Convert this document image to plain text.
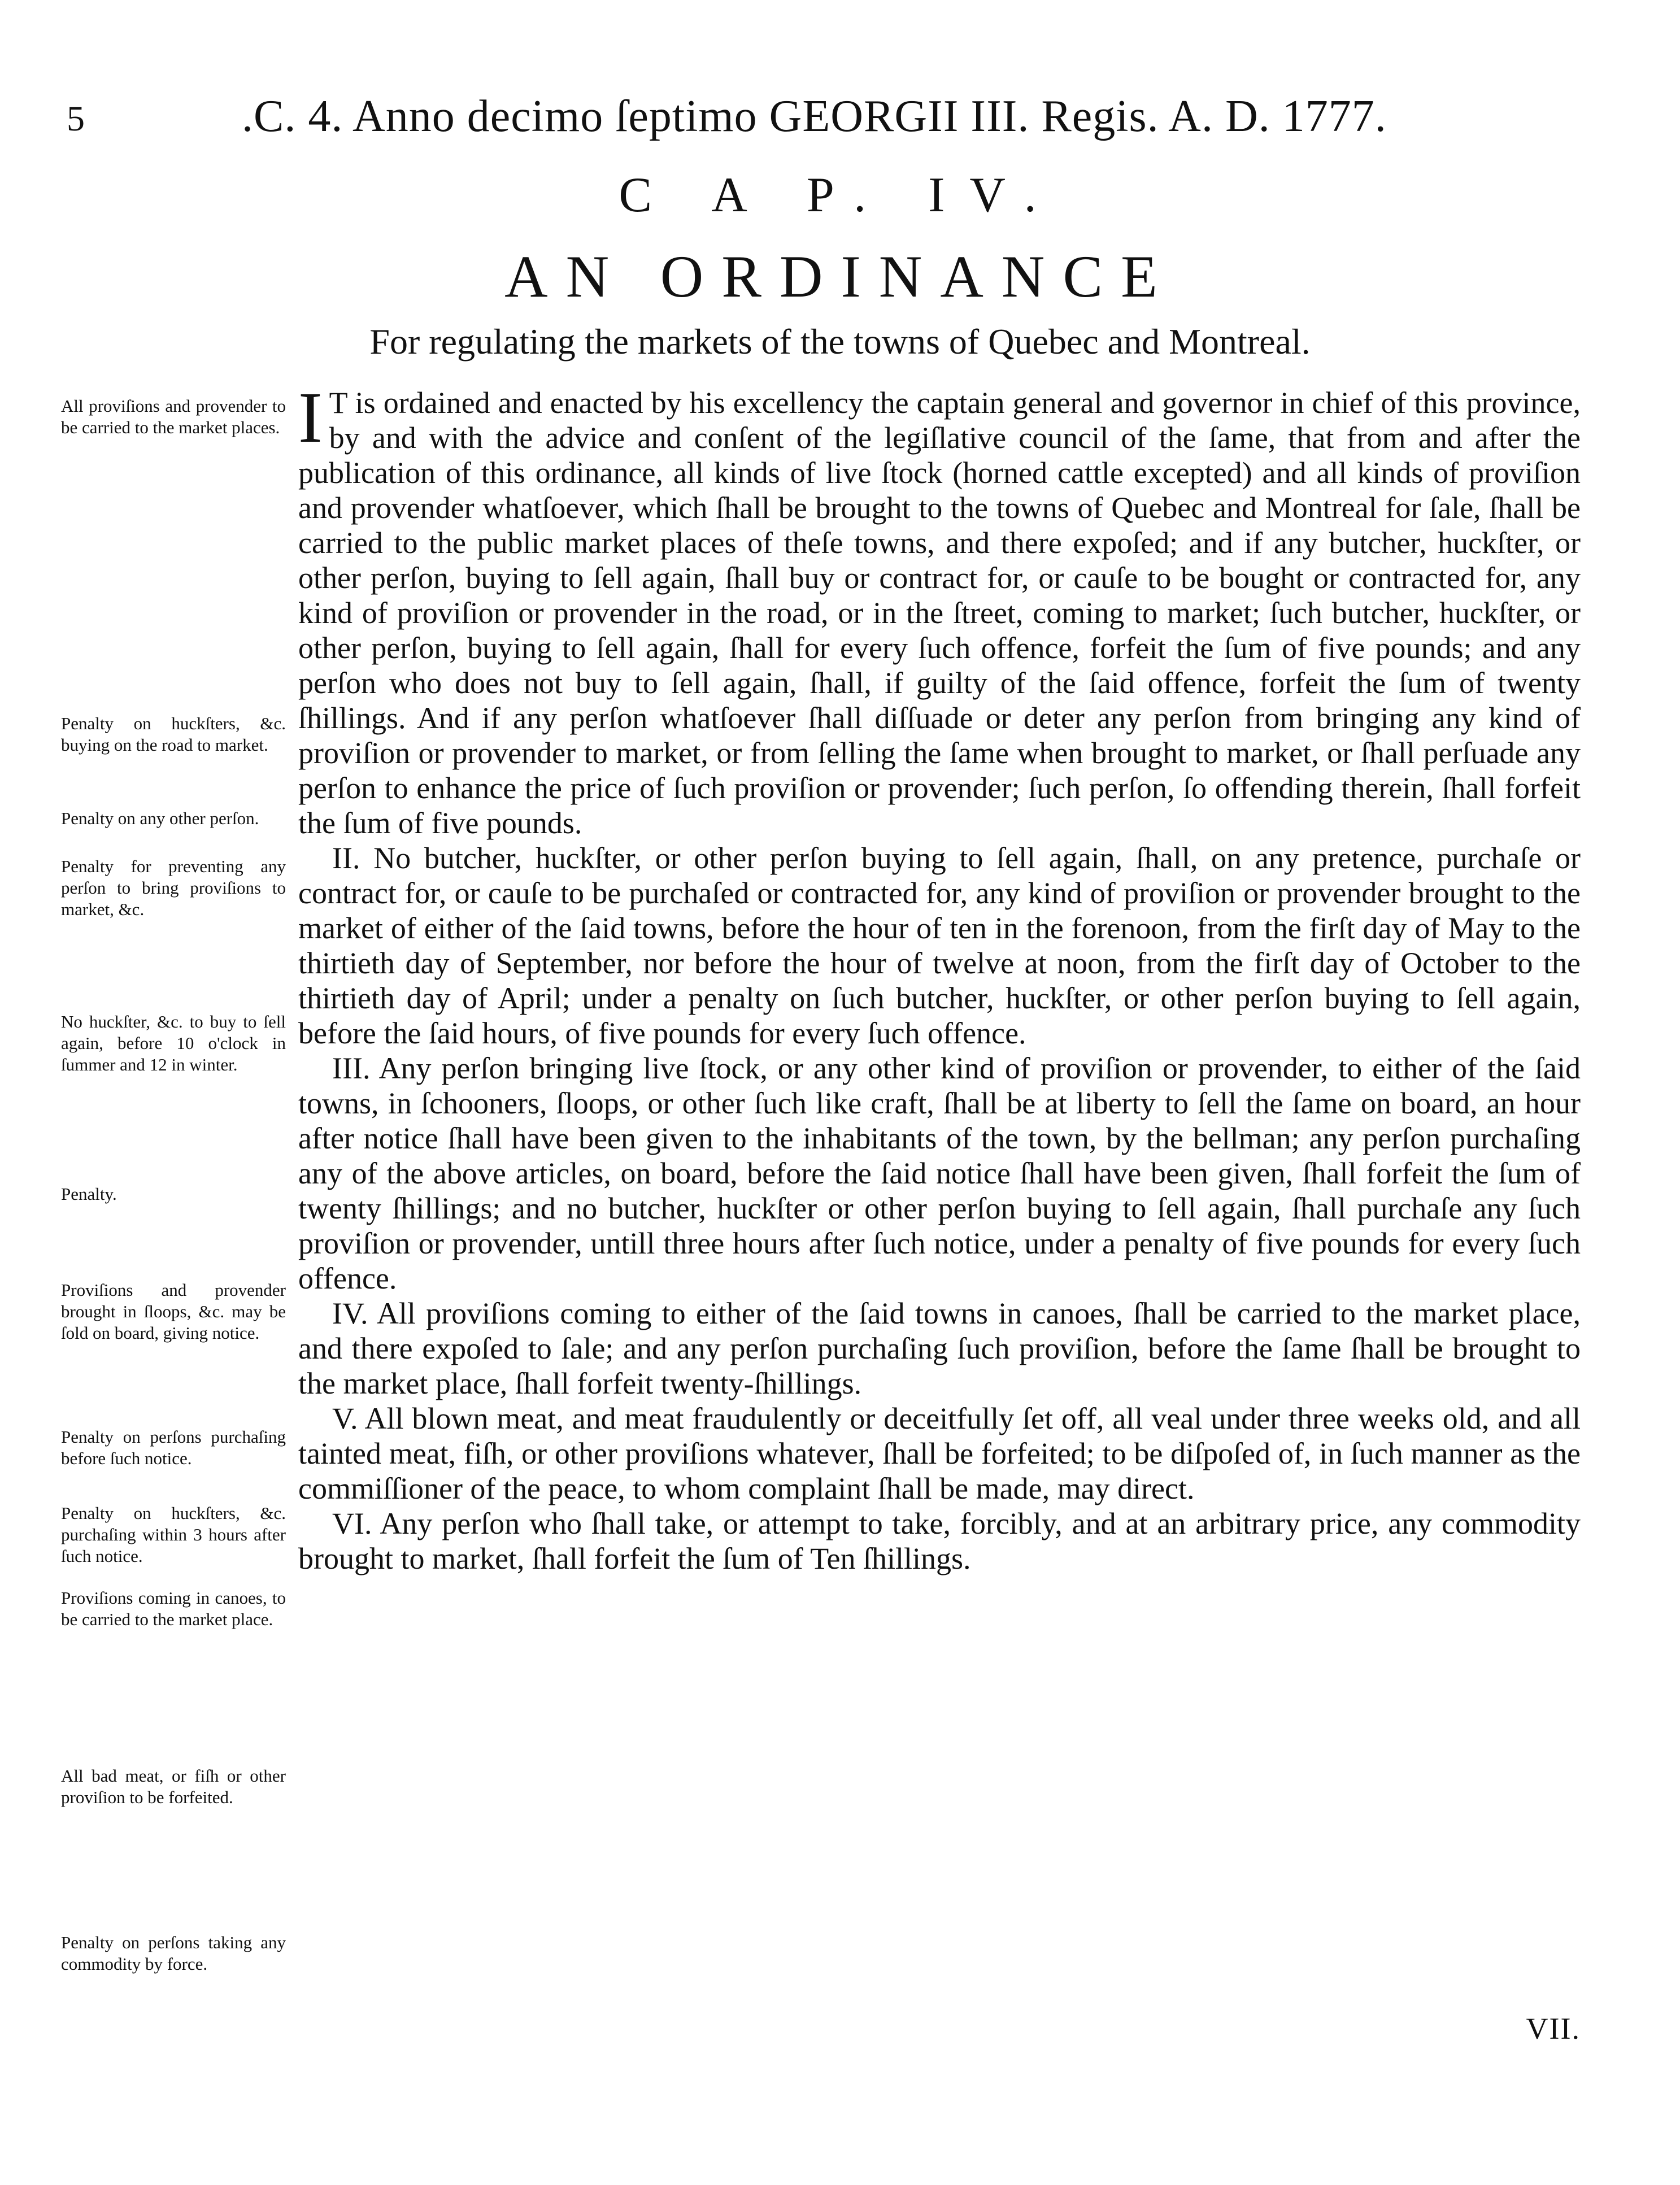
5	.C. 4. Anno decimo ſeptimo GEORGII III. Regis. A. D. 1777.
C A P. IV.
AN ORDINANCE
For regulating the markets of the towns of Quebec and Montreal.
All proviſions and provender to be carried to the market places.
Penalty on huckſters, &c. buying on the road to market.
Penalty on any other perſon.
Penalty for preventing any perſon to bring proviſions to market, &c.
No huckſter, &c. to buy to ſell again, before 10 o'clock in ſummer and 12 in winter.
Penalty.
Proviſions and provender brought in ſloops, &c. may be ſold on board, giving notice.
Penalty on perſons purchaſing before ſuch notice.
Penalty on huckſters, &c. purchaſing within 3 hours after ſuch notice.
Proviſions coming in canoes, to be carried to the market place.
All bad meat, or fiſh or other proviſion to be forfeited.
Penalty on perſons taking any commodity by force.

I T is ordained and enacted by his excellency the captain general and governor in chief of this province, by and with the advice and conſent of the legiſlative council of the ſame, that from and after the publication of this ordinance, all kinds of live ſtock (horned cattle excepted) and all kinds of proviſion and provender whatſoever, which ſhall be brought to the towns of Quebec and Montreal for ſale, ſhall be carried to the public market places of theſe towns, and there expoſed; and if any butcher, huckſter, or other perſon, buying to ſell again, ſhall buy or contract for, or cauſe to be bought or contracted for, any kind of proviſion or provender in the road, or in the ſtreet, coming to market; ſuch butcher, huckſter, or other perſon, buying to ſell again, ſhall for every ſuch offence, forfeit the ſum of five pounds; and any perſon who does not buy to ſell again, ſhall, if guilty of the ſaid offence, forfeit the ſum of twenty ſhillings. And if any perſon whatſoever ſhall diſſuade or deter any perſon from bringing any kind of proviſion or provender to market, or from ſelling the ſame when brought to market, or ſhall perſuade any perſon to enhance the price of ſuch proviſion or provender; ſuch perſon, ſo offending therein, ſhall forfeit the ſum of five pounds.

II. No butcher, huckſter, or other perſon buying to ſell again, ſhall, on any pretence, purchaſe or contract for, or cauſe to be purchaſed or contracted for, any kind of proviſion or provender brought to the market of either of the ſaid towns, before the hour of ten in the forenoon, from the firſt day of May to the thirtieth day of September, nor before the hour of twelve at noon, from the firſt day of October to the thirtieth day of April; under a penalty on ſuch butcher, huckſter, or other perſon buying to ſell again, before the ſaid hours, of five pounds for every ſuch offence.

III. Any perſon bringing live ſtock, or any other kind of proviſion or provender, to either of the ſaid towns, in ſchooners, ſloops, or other ſuch like craft, ſhall be at liberty to ſell the ſame on board, an hour after notice ſhall have been given to the inhabitants of the town, by the bellman; any perſon purchaſing any of the above articles, on board, before the ſaid notice ſhall have been given, ſhall forfeit the ſum of twenty ſhillings; and no butcher, huckſter or other perſon buying to ſell again, ſhall purchaſe any ſuch proviſion or provender, untill three hours after ſuch notice, under a penalty of five pounds for every ſuch offence.

IV. All proviſions coming to either of the ſaid towns in canoes, ſhall be carried to the market place, and there expoſed to ſale; and any perſon purchaſing ſuch proviſion, before the ſame ſhall be brought to the market place, ſhall forfeit twenty-ſhillings.

V. All blown meat, and meat fraudulently or deceitfully ſet off, all veal under three weeks old, and all tainted meat, fiſh, or other proviſions whatever, ſhall be forfeited; to be diſpoſed of, in ſuch manner as the commiſſioner of the peace, to whom complaint ſhall be made, may direct.

VI. Any perſon who ſhall take, or attempt to take, forcibly, and at an arbitrary price, any commodity brought to market, ſhall forfeit the ſum of Ten ſhillings.

VII.
